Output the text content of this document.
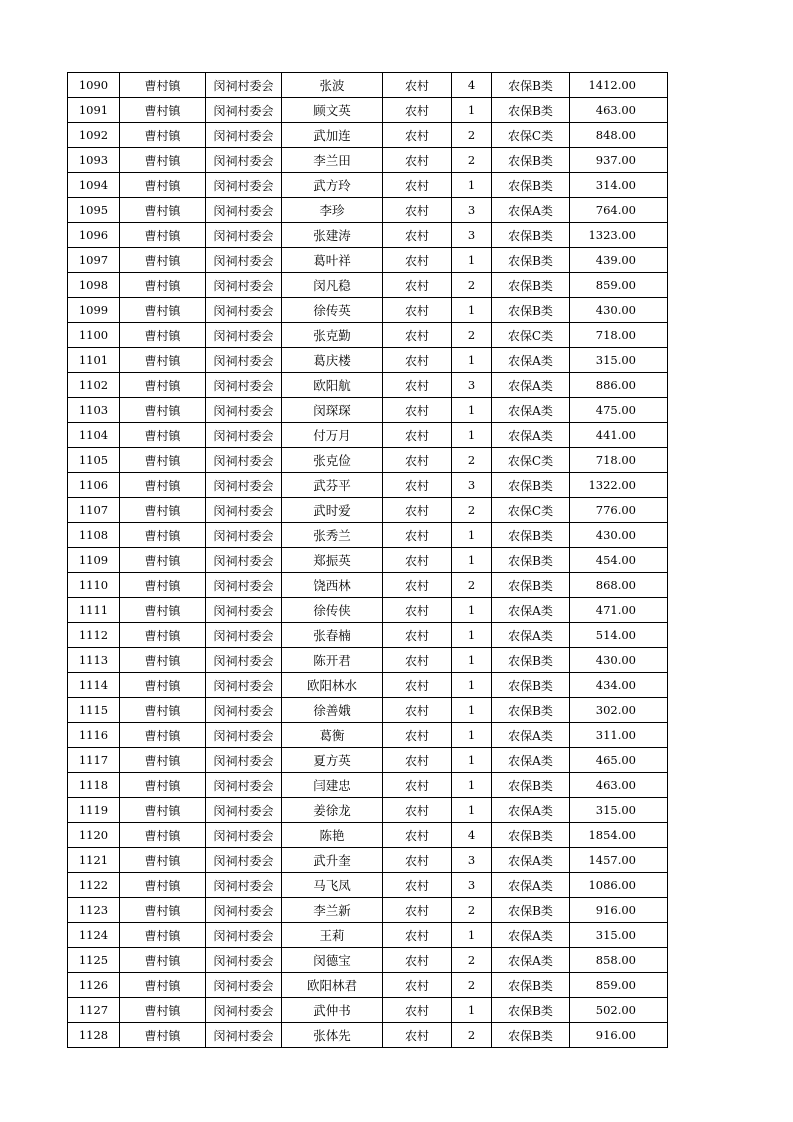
1090	曹村镇	闵祠村委会	张波	农村	4	农保B类	1412.00
1091	曹村镇	闵祠村委会	顾文英	农村	1	农保B类	463.00
1092	曹村镇	闵祠村委会	武加连	农村	2	农保C类	848.00
1093	曹村镇	闵祠村委会	李兰田	农村	2	农保B类	937.00
1094	曹村镇	闵祠村委会	武方玲	农村	1	农保B类	314.00
1095	曹村镇	闵祠村委会	李珍	农村	3	农保A类	764.00
1096	曹村镇	闵祠村委会	张建涛	农村	3	农保B类	1323.00
1097	曹村镇	闵祠村委会	葛叶祥	农村	1	农保B类	439.00
1098	曹村镇	闵祠村委会	闵凡稳	农村	2	农保B类	859.00
1099	曹村镇	闵祠村委会	徐传英	农村	1	农保B类	430.00
1100	曹村镇	闵祠村委会	张克勤	农村	2	农保C类	718.00
1101	曹村镇	闵祠村委会	葛庆楼	农村	1	农保A类	315.00
1102	曹村镇	闵祠村委会	欧阳航	农村	3	农保A类	886.00
1103	曹村镇	闵祠村委会	闵琛琛	农村	1	农保A类	475.00
1104	曹村镇	闵祠村委会	付万月	农村	1	农保A类	441.00
1105	曹村镇	闵祠村委会	张克俭	农村	2	农保C类	718.00
1106	曹村镇	闵祠村委会	武芬平	农村	3	农保B类	1322.00
1107	曹村镇	闵祠村委会	武时爱	农村	2	农保C类	776.00
1108	曹村镇	闵祠村委会	张秀兰	农村	1	农保B类	430.00
1109	曹村镇	闵祠村委会	郑振英	农村	1	农保B类	454.00
1110	曹村镇	闵祠村委会	饶西林	农村	2	农保B类	868.00
1111	曹村镇	闵祠村委会	徐传侠	农村	1	农保A类	471.00
1112	曹村镇	闵祠村委会	张春楠	农村	1	农保A类	514.00
1113	曹村镇	闵祠村委会	陈开君	农村	1	农保B类	430.00
1114	曹村镇	闵祠村委会	欧阳林水	农村	1	农保B类	434.00
1115	曹村镇	闵祠村委会	徐善娥	农村	1	农保B类	302.00
1116	曹村镇	闵祠村委会	葛衡	农村	1	农保A类	311.00
1117	曹村镇	闵祠村委会	夏方英	农村	1	农保A类	465.00
1118	曹村镇	闵祠村委会	闫建忠	农村	1	农保B类	463.00
1119	曹村镇	闵祠村委会	姜徐龙	农村	1	农保A类	315.00
1120	曹村镇	闵祠村委会	陈艳	农村	4	农保B类	1854.00
1121	曹村镇	闵祠村委会	武升奎	农村	3	农保A类	1457.00
1122	曹村镇	闵祠村委会	马飞凤	农村	3	农保A类	1086.00
1123	曹村镇	闵祠村委会	李兰新	农村	2	农保B类	916.00
1124	曹村镇	闵祠村委会	王莉	农村	1	农保A类	315.00
1125	曹村镇	闵祠村委会	闵德宝	农村	2	农保A类	858.00
1126	曹村镇	闵祠村委会	欧阳林君	农村	2	农保B类	859.00
1127	曹村镇	闵祠村委会	武仲书	农村	1	农保B类	502.00
1128	曹村镇	闵祠村委会	张体先	农村	2	农保B类	916.00
